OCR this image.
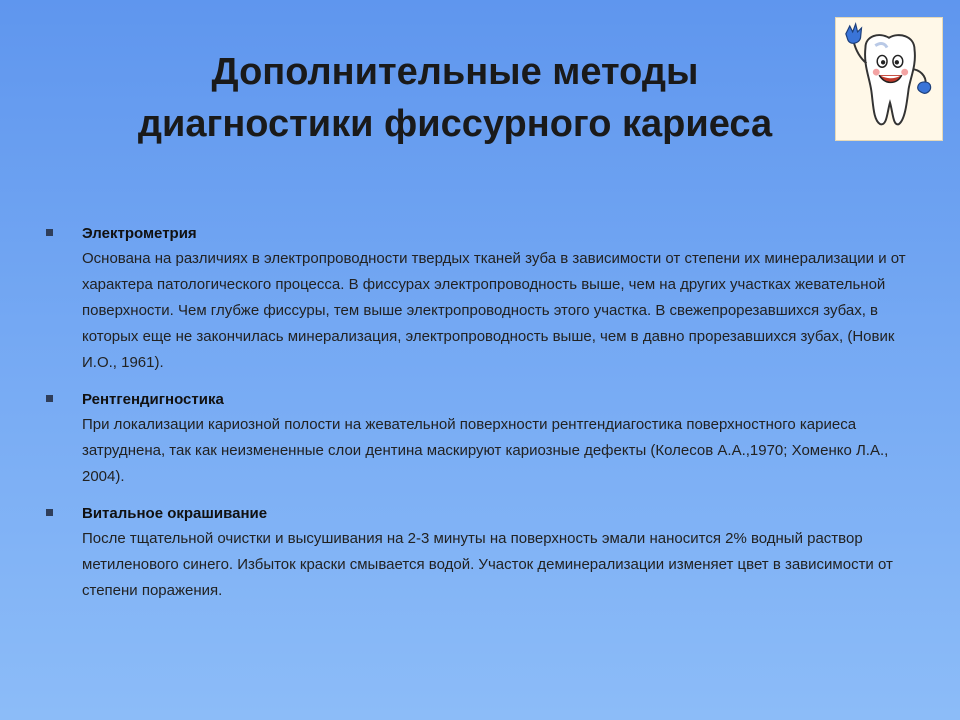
Дополнительные методы
диагностики фиссурного кариеса
Электрометрия
Основана на различиях в электропроводности твердых тканей зуба в зависимости от степени их минерализации и от характера патологического процесса. В фиссурах электропроводность выше, чем на других участках жевательной поверхности. Чем глубже фиссуры, тем выше электропроводность этого участка. В свежепрорезавшихся зубах, в которых еще не закончилась минерализация, электропроводность выше, чем в давно прорезавшихся зубах, (Новик И.О., 1961).
Рентгендигностика
При локализации кариозной полости на жевательной поверхности рентгендиагостика поверхностного кариеса затруднена, так как неизмененные слои дентина маскируют кариозные дефекты (Колесов А.А.,1970; Хоменко Л.А., 2004).
Витальное окрашивание
После тщательной очистки и высушивания на 2-3 минуты на поверхность эмали наносится 2% водный раствор метиленового синего. Избыток краски смывается водой. Участок деминерализации изменяет цвет в зависимости от степени поражения.
